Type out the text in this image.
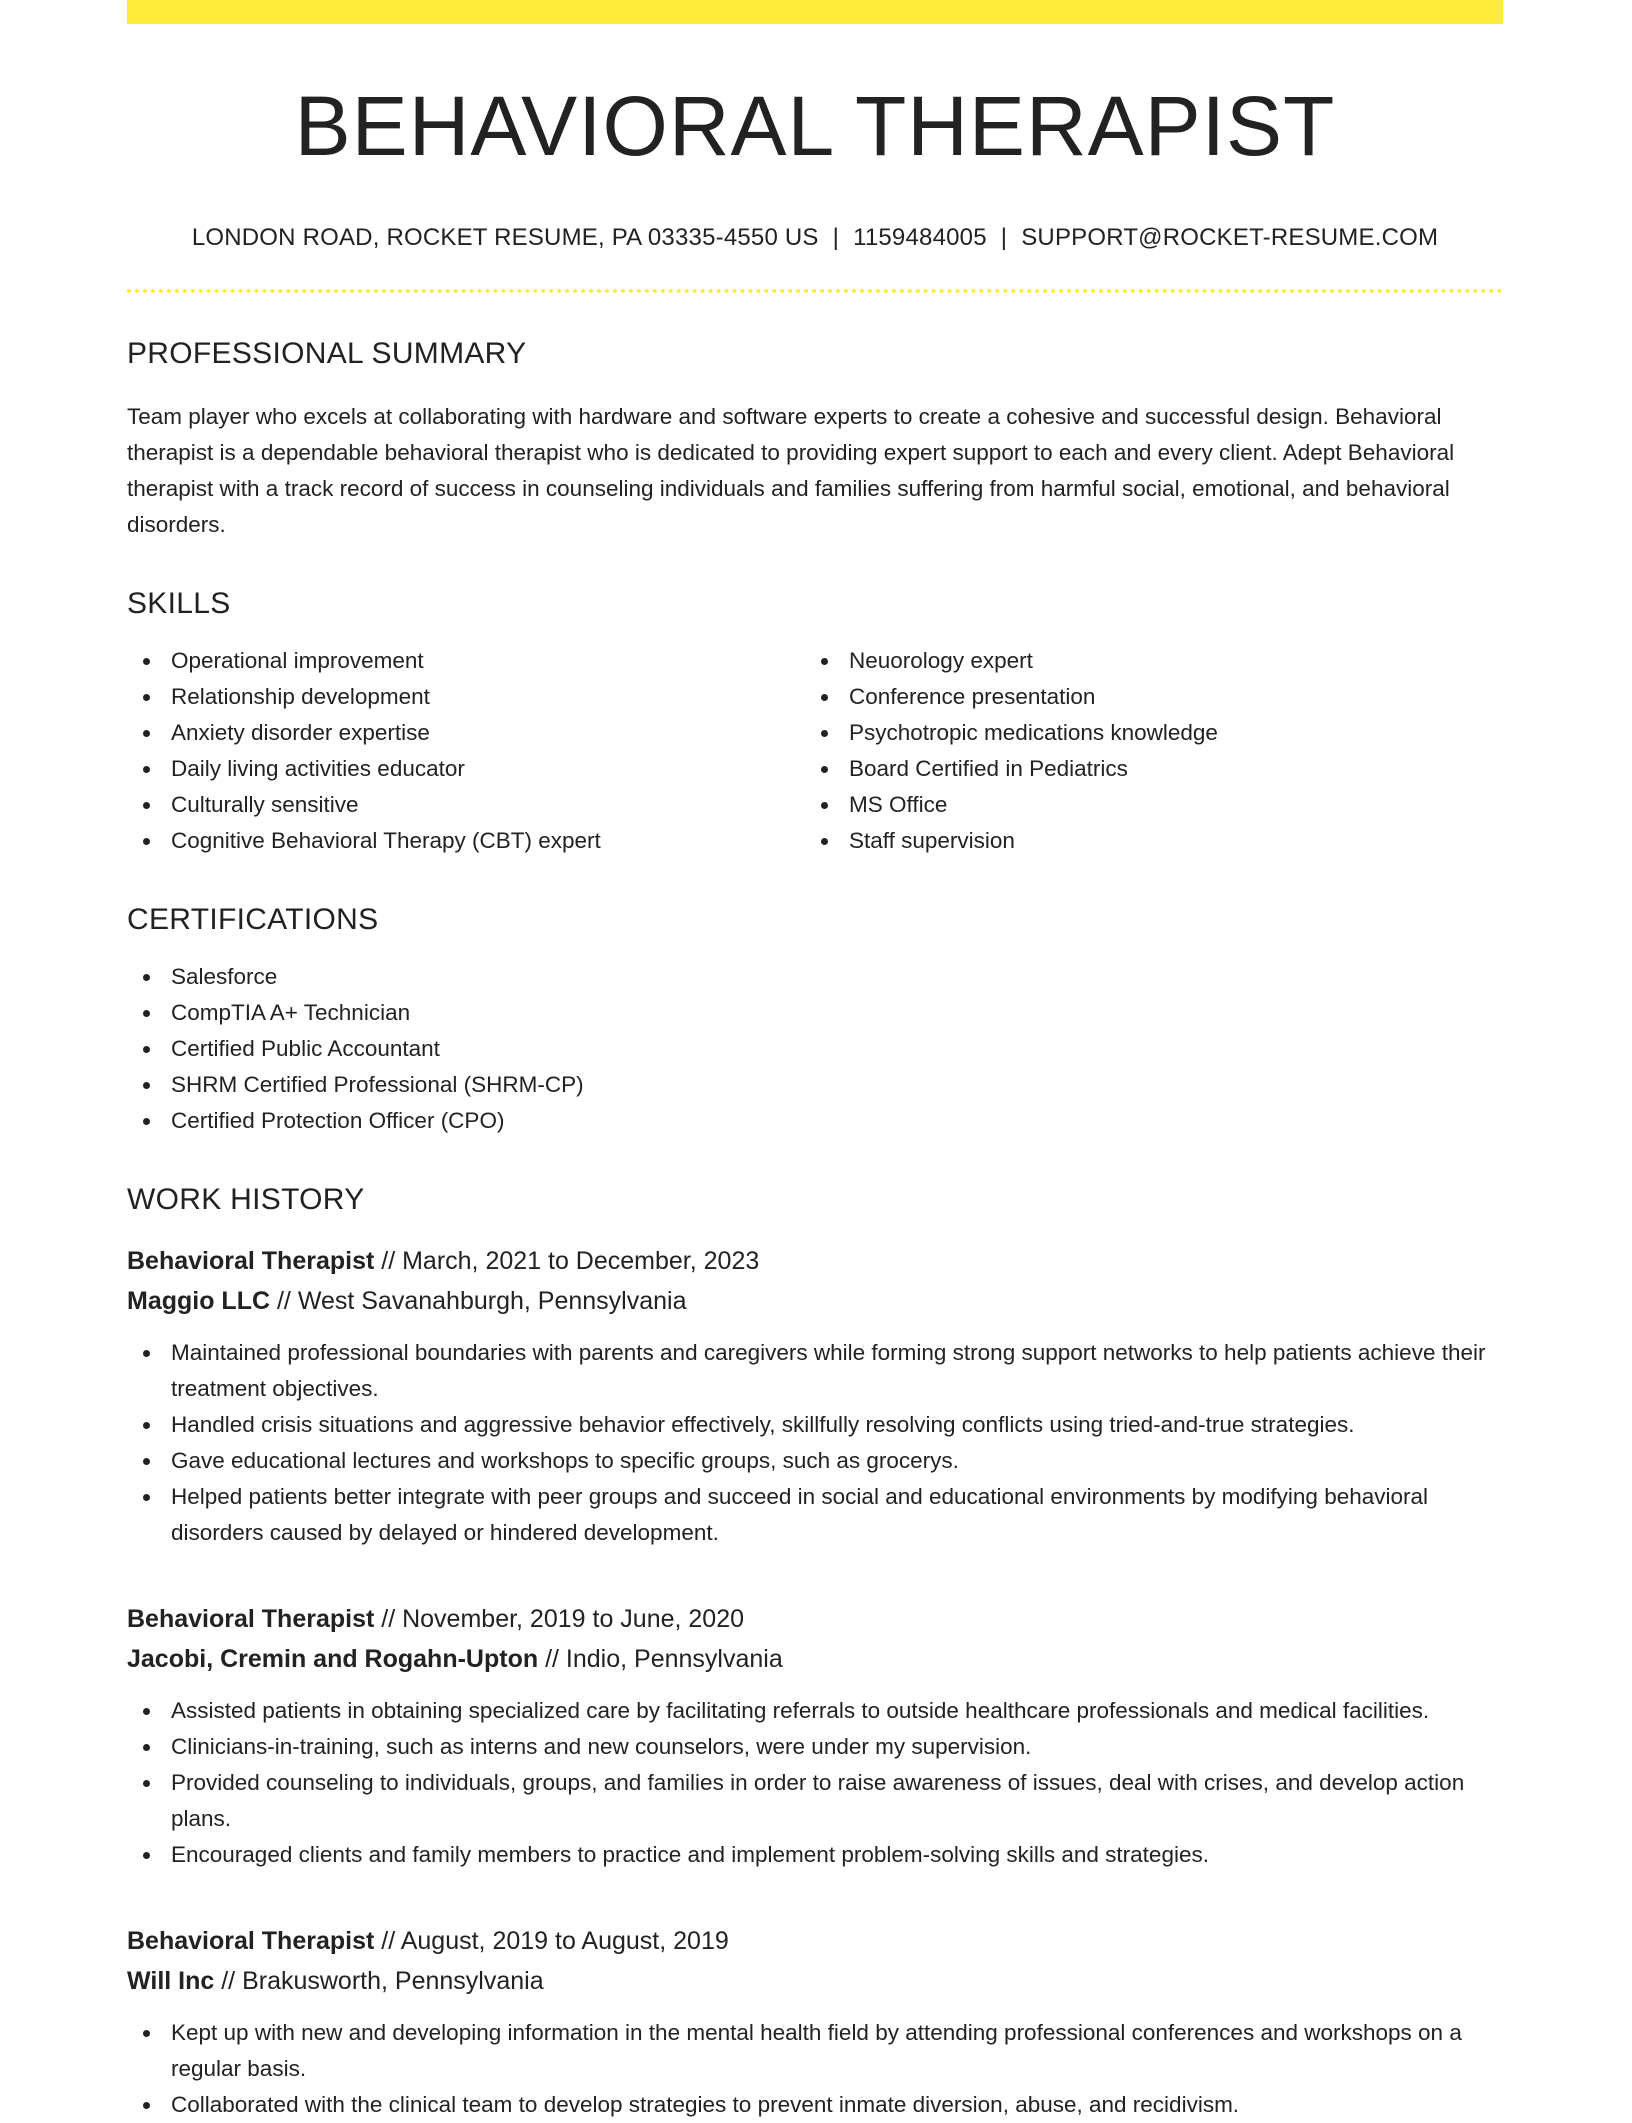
BEHAVIORAL THERAPIST
LONDON ROAD, ROCKET RESUME, PA 03335-4550 US | 1159484005 | SUPPORT@ROCKET-RESUME.COM
PROFESSIONAL SUMMARY
Team player who excels at collaborating with hardware and software experts to create a cohesive and successful design. Behavioral therapist is a dependable behavioral therapist who is dedicated to providing expert support to each and every client. Adept Behavioral therapist with a track record of success in counseling individuals and families suffering from harmful social, emotional, and behavioral disorders.
SKILLS
Operational improvement
Relationship development
Anxiety disorder expertise
Daily living activities educator
Culturally sensitive
Cognitive Behavioral Therapy (CBT) expert
Neuorology expert
Conference presentation
Psychotropic medications knowledge
Board Certified in Pediatrics
MS Office
Staff supervision
CERTIFICATIONS
Salesforce
CompTIA A+ Technician
Certified Public Accountant
SHRM Certified Professional (SHRM-CP)
Certified Protection Officer (CPO)
WORK HISTORY
Behavioral Therapist // March, 2021 to December, 2023
Maggio LLC // West Savanahburgh, Pennsylvania
Maintained professional boundaries with parents and caregivers while forming strong support networks to help patients achieve their treatment objectives.
Handled crisis situations and aggressive behavior effectively, skillfully resolving conflicts using tried-and-true strategies.
Gave educational lectures and workshops to specific groups, such as grocerys.
Helped patients better integrate with peer groups and succeed in social and educational environments by modifying behavioral disorders caused by delayed or hindered development.
Behavioral Therapist // November, 2019 to June, 2020
Jacobi, Cremin and Rogahn-Upton // Indio, Pennsylvania
Assisted patients in obtaining specialized care by facilitating referrals to outside healthcare professionals and medical facilities.
Clinicians-in-training, such as interns and new counselors, were under my supervision.
Provided counseling to individuals, groups, and families in order to raise awareness of issues, deal with crises, and develop action plans.
Encouraged clients and family members to practice and implement problem-solving skills and strategies.
Behavioral Therapist // August, 2019 to August, 2019
Will Inc // Brakusworth, Pennsylvania
Kept up with new and developing information in the mental health field by attending professional conferences and workshops on a regular basis.
Collaborated with the clinical team to develop strategies to prevent inmate diversion, abuse, and recidivism.
